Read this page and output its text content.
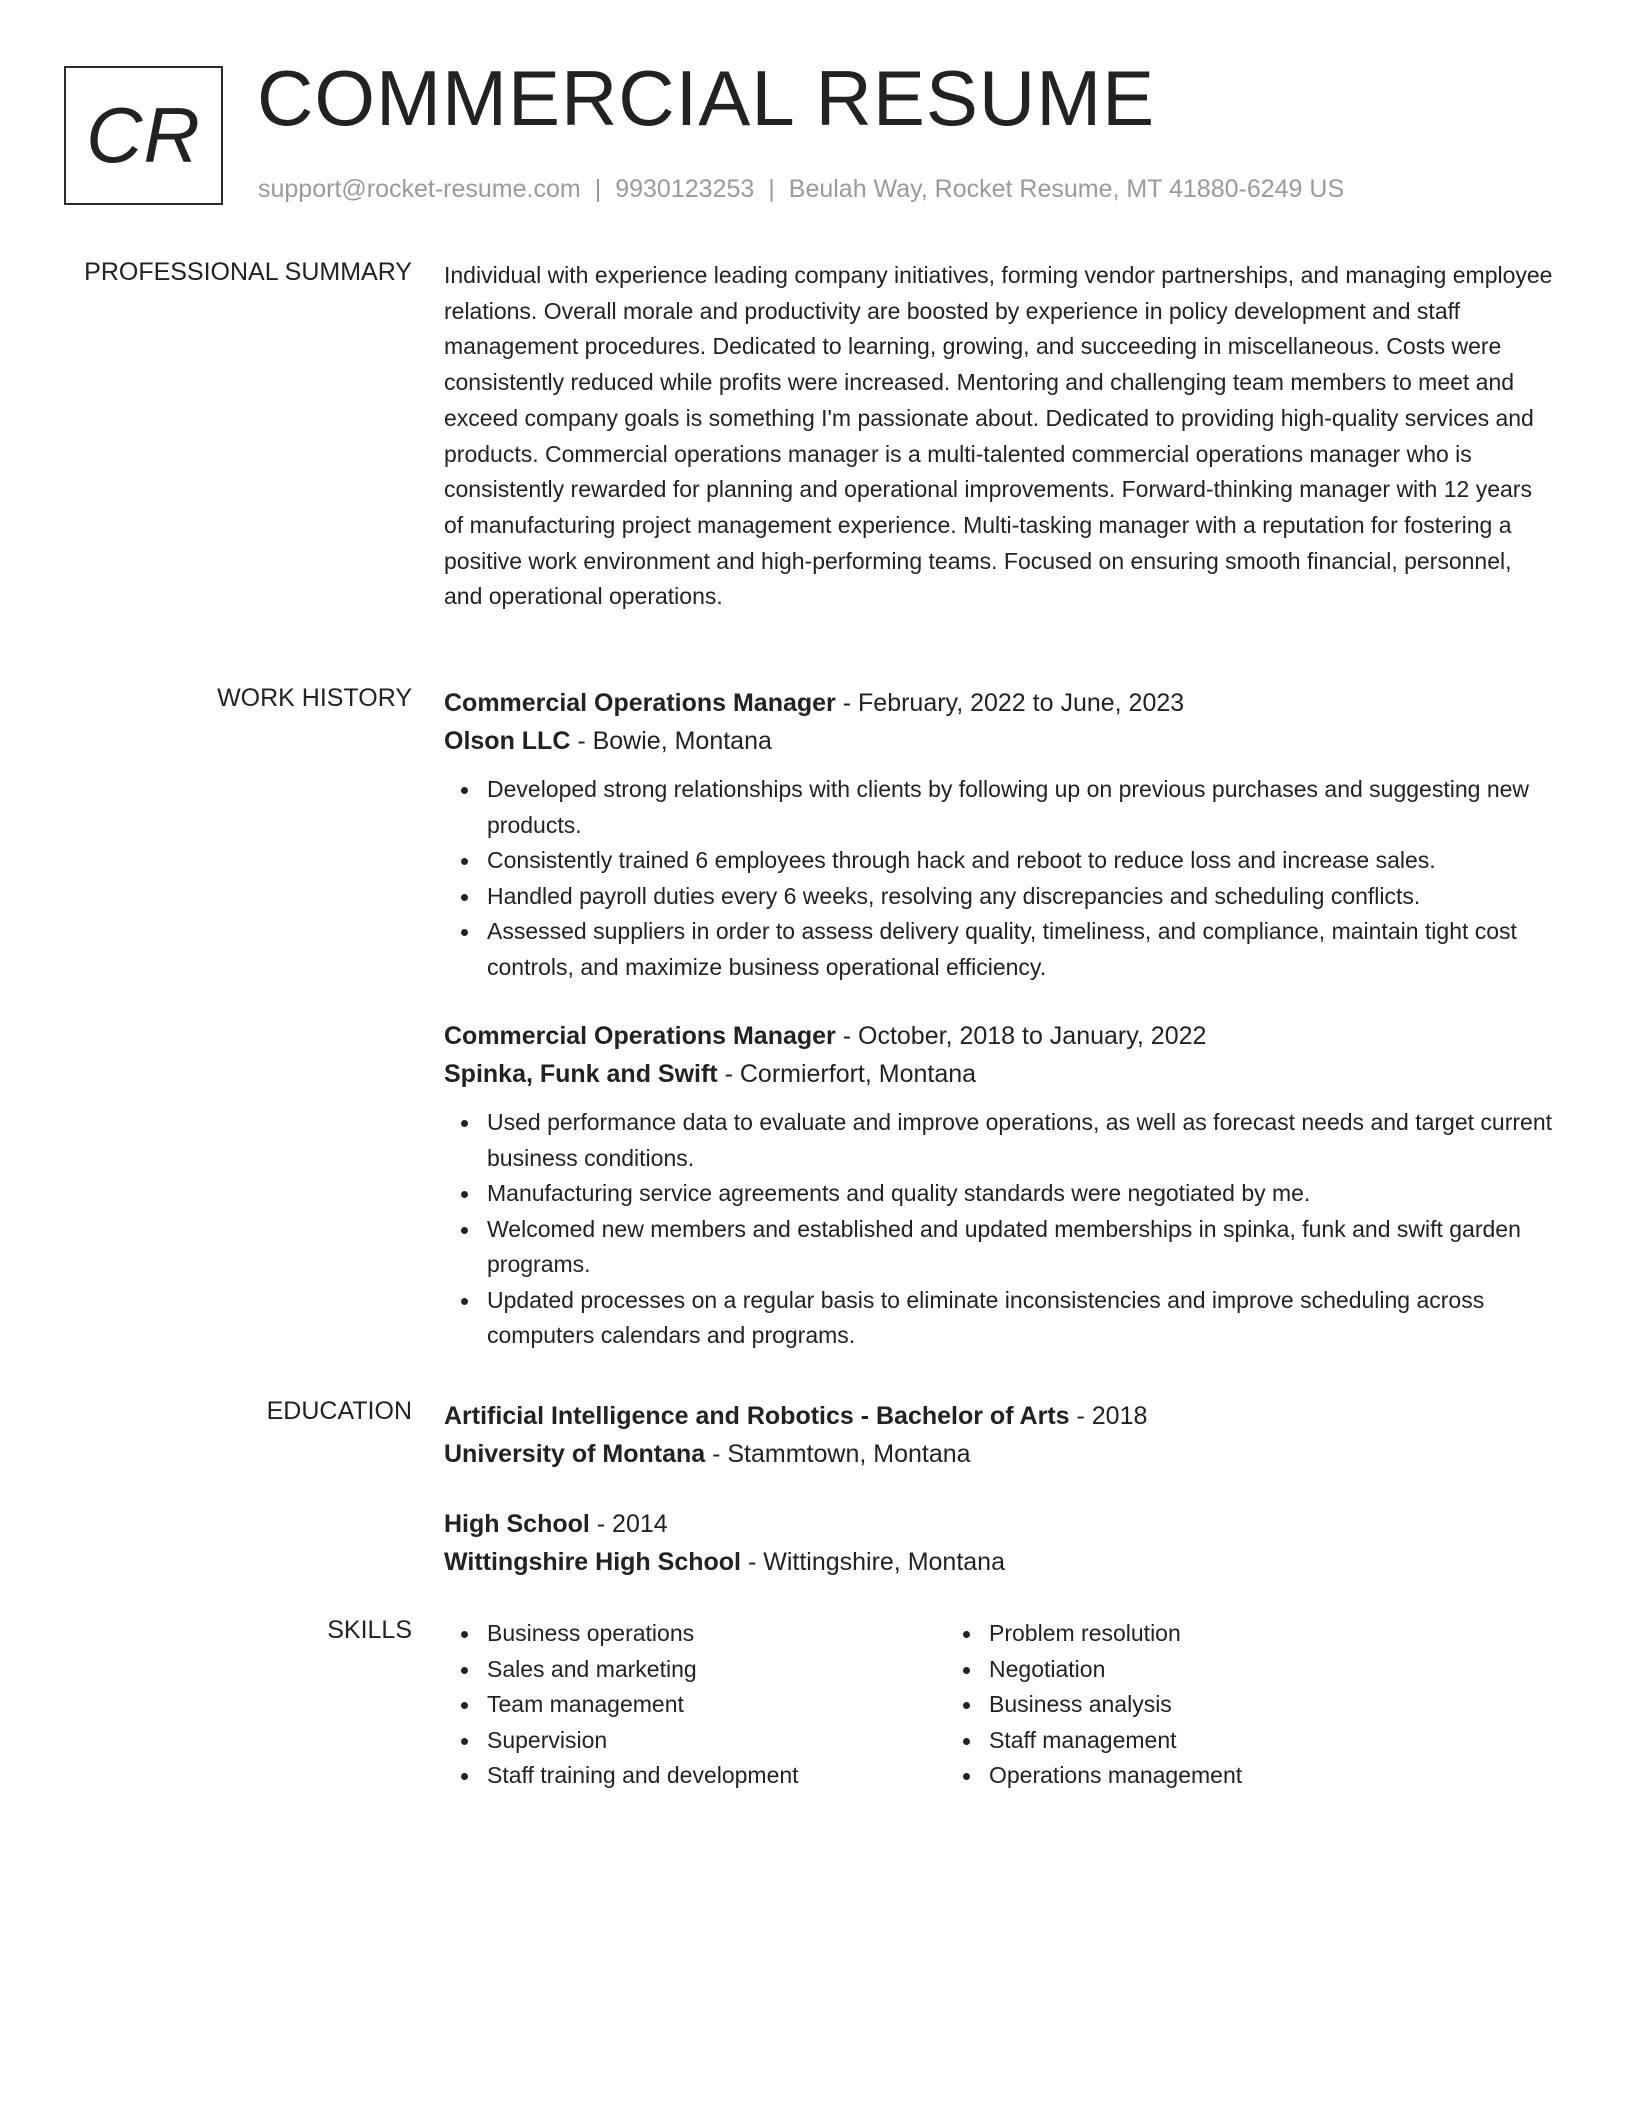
CR COMMERCIAL RESUME
support@rocket-resume.com | 9930123253 | Beulah Way, Rocket Resume, MT 41880-6249 US
PROFESSIONAL SUMMARY Individual with experience leading company initiatives, forming vendor partnerships, and managing employee relations. Overall morale and productivity are boosted by experience in policy development and staff management procedures. Dedicated to learning, growing, and succeeding in miscellaneous. Costs were consistently reduced while profits were increased. Mentoring and challenging team members to meet and exceed company goals is something I'm passionate about. Dedicated to providing high-quality services and products. Commercial operations manager is a multi-talented commercial operations manager who is consistently rewarded for planning and operational improvements. Forward-thinking manager with 12 years of manufacturing project management experience. Multi-tasking manager with a reputation for fostering a positive work environment and high-performing teams. Focused on ensuring smooth financial, personnel, and operational operations.

WORK HISTORY Commercial Operations Manager - February, 2022 to June, 2023
Olson LLC - Bowie, Montana
Developed strong relationships with clients by following up on previous purchases and suggesting new products.
Consistently trained 6 employees through hack and reboot to reduce loss and increase sales.
Handled payroll duties every 6 weeks, resolving any discrepancies and scheduling conflicts.
Assessed suppliers in order to assess delivery quality, timeliness, and compliance, maintain tight cost controls, and maximize business operational efficiency.
Commercial Operations Manager - October, 2018 to January, 2022
Spinka, Funk and Swift - Cormierfort, Montana
Used performance data to evaluate and improve operations, as well as forecast needs and target current business conditions.
Manufacturing service agreements and quality standards were negotiated by me.
Welcomed new members and established and updated memberships in spinka, funk and swift garden programs.
Updated processes on a regular basis to eliminate inconsistencies and improve scheduling across computers calendars and programs.
EDUCATION Artificial Intelligence and Robotics - Bachelor of Arts - 2018
University of Montana - Stammtown, Montana
High School - 2014
Wittingshire High School - Wittingshire, Montana
SKILLS	Business operations
Sales and marketing
Team management
Supervision
Staff training and development
Problem resolution
Negotiation
Business analysis
Staff management
Operations management
